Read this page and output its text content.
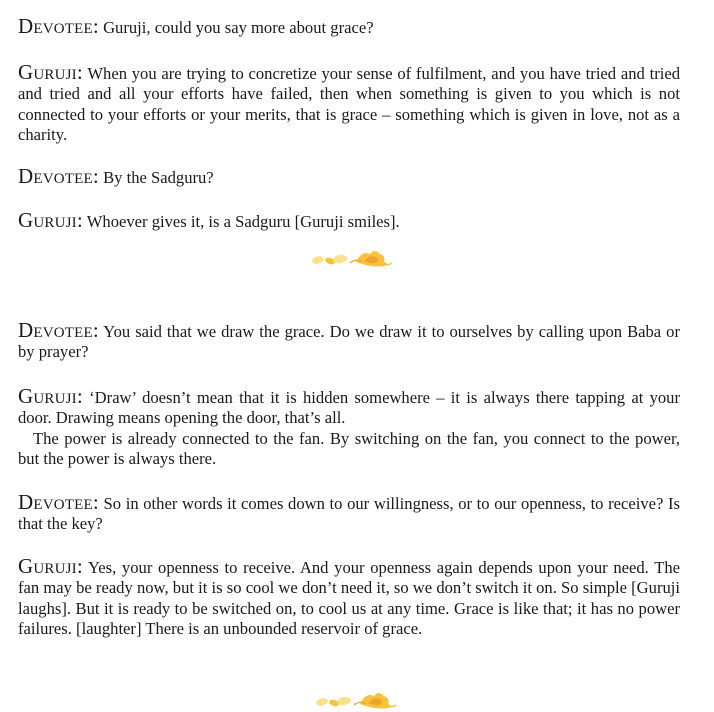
Devotee: Guruji, could you say more about grace?

Guruji: When you are trying to concretize your sense of fulfilment, and you have tried and tried and tried and all your efforts have failed, then when something is given to you which is not connected to your efforts or your merits, that is grace – something which is given in love, not as a charity.

Devotee: By the Sadguru?

Guruji: Whoever gives it, is a Sadguru [Guruji smiles].

Devotee: You said that we draw the grace. Do we draw it to ourselves by calling upon Baba or by prayer?

Guruji: ‘Draw’ doesn’t mean that it is hidden somewhere – it is always there tapping at your door. Drawing means opening the door, that’s all.
The power is already connected to the fan. By switching on the fan, you connect to the power, but the power is always there.

Devotee: So in other words it comes down to our willingness, or to our openness, to receive? Is that the key?

Guruji: Yes, your openness to receive. And your openness again depends upon your need. The fan may be ready now, but it is so cool we don’t need it, so we don’t switch it on. So simple [Guruji laughs]. But it is ready to be switched on, to cool us at any time. Grace is like that; it has no power failures. [laughter] There is an unbounded reservoir of grace.
